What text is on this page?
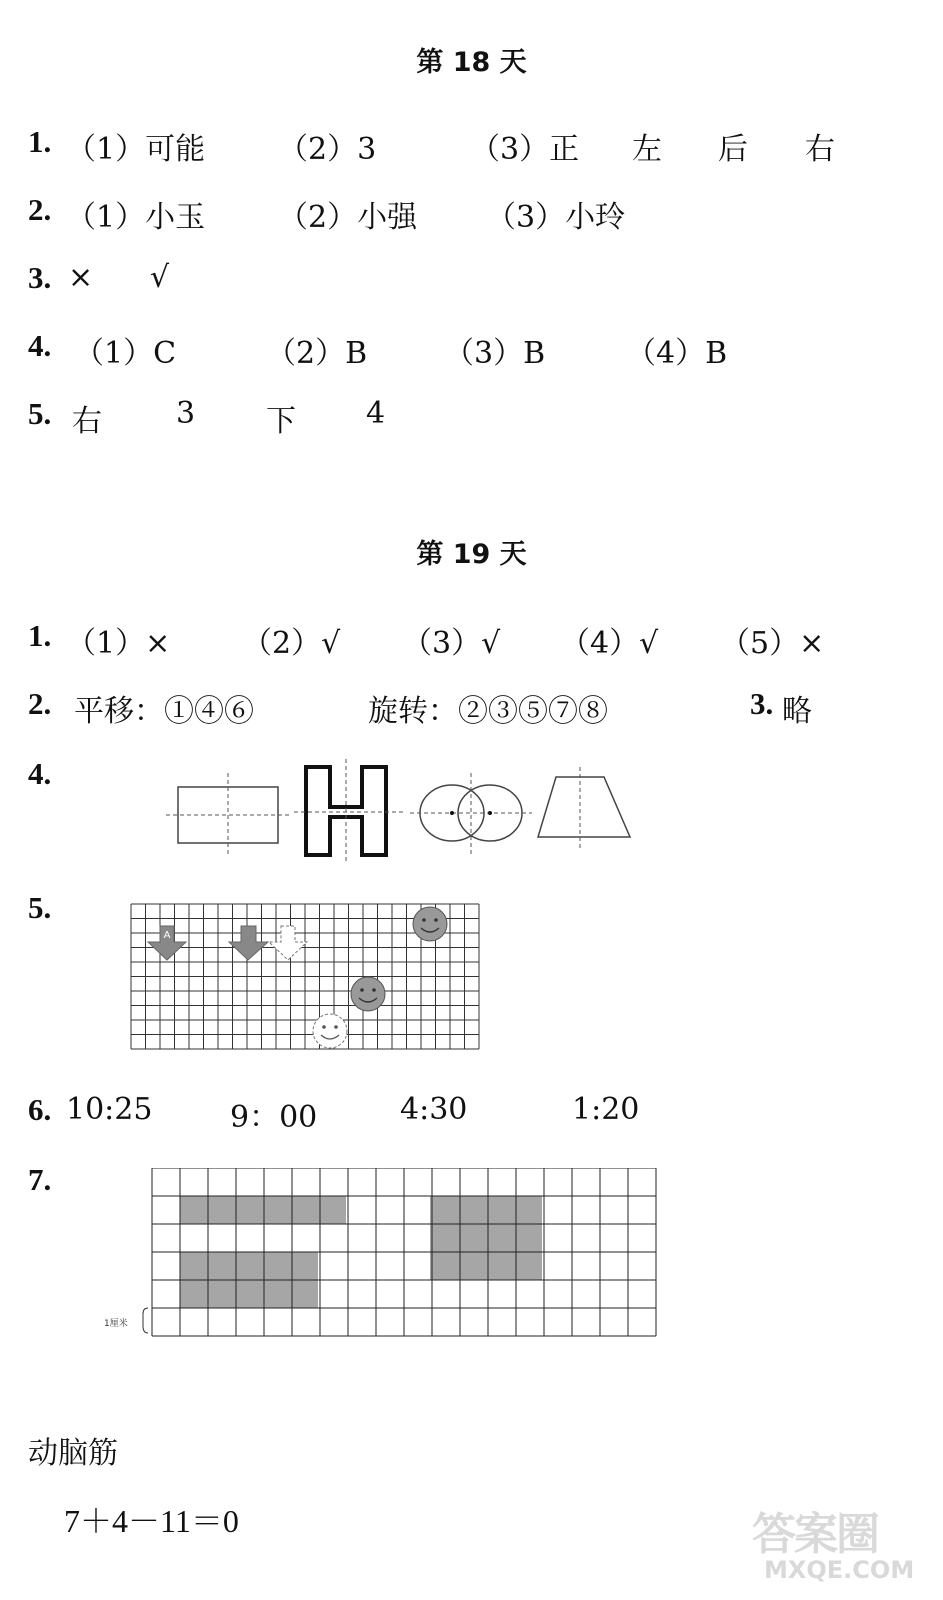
第 18 天
1. （1）可能 （2）3	（3）正 左 后 右
2. （1）小玉 （2）小强 （3）小玲
3. × √
4. （1）C	（2）B	（3）B	（4）B
5. 右 3 下 4
第 19 天
1. （1）× （2）√ （3）√ （4）√ （5）×
2. 平移：①④⑥	旋转：②③⑤⑦⑧	3. 略
4.
5.
A
6. 10:25	9：00	4:30	1:20
7.
1厘米
动脑筋
7＋4－11＝0	答案圈
MXQE.COM
